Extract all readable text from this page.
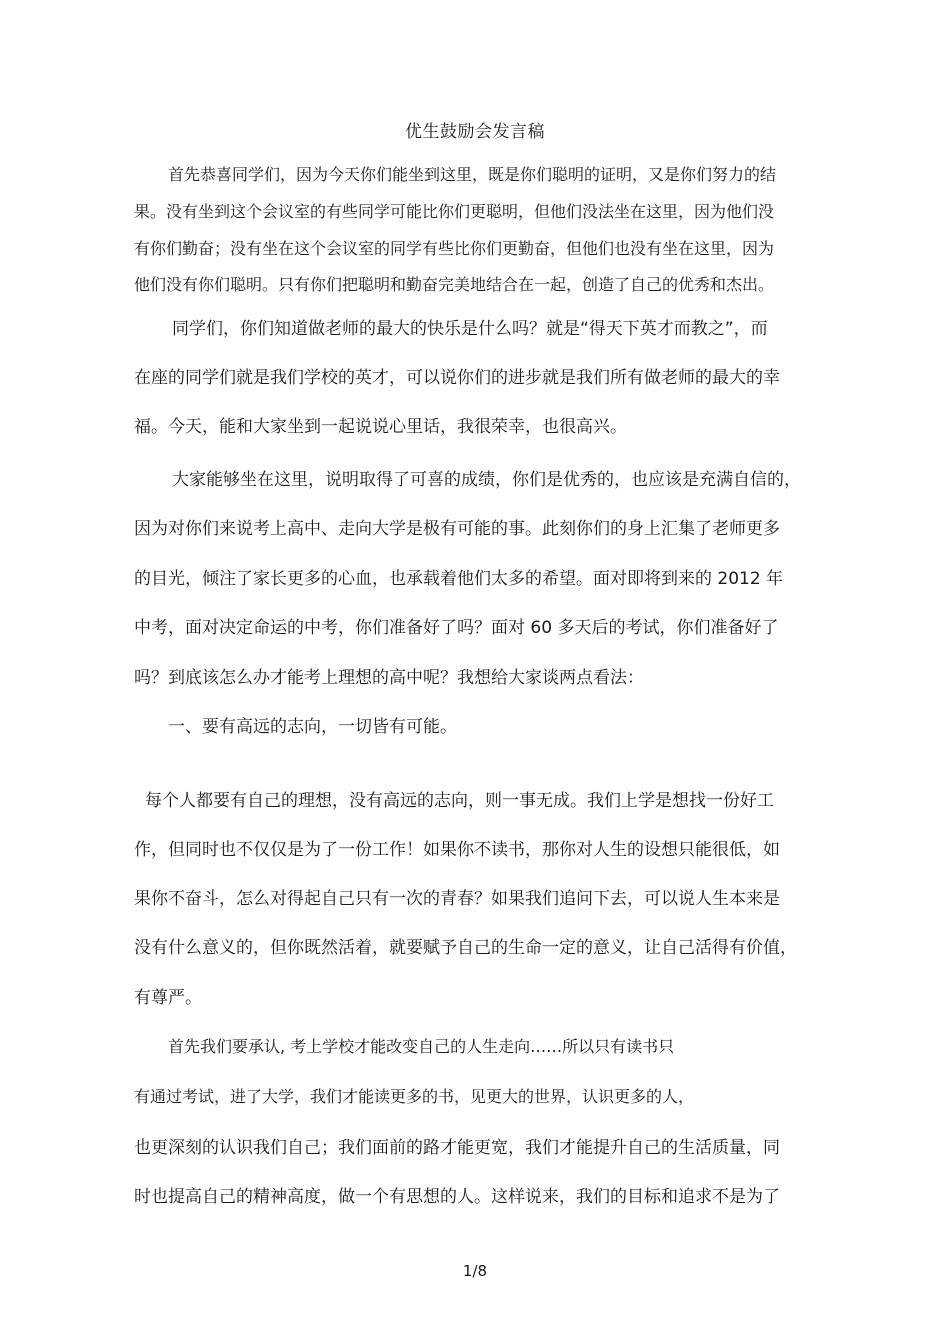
优生鼓励会发言稿
首先恭喜同学们，因为今天你们能坐到这里，既是你们聪明的证明，又是你们努力的结
果。没有坐到这个会议室的有些同学可能比你们更聪明，但他们没法坐在这里，因为他们没
有你们勤奋；没有坐在这个会议室的同学有些比你们更勤奋，但他们也没有坐在这里，因为
他们没有你们聪明。只有你们把聪明和勤奋完美地结合在一起，创造了自己的优秀和杰出。
同学们，你们知道做老师的最大的快乐是什么吗？就是“得天下英才而教之”，而
在座的同学们就是我们学校的英才，可以说你们的进步就是我们所有做老师的最大的幸
福。今天，能和大家坐到一起说说心里话，我很荣幸，也很高兴。
大家能够坐在这里，说明取得了可喜的成绩，你们是优秀的，也应该是充满自信的，
因为对你们来说考上高中、走向大学是极有可能的事。此刻你们的身上汇集了老师更多
的目光，倾注了家长更多的心血，也承载着他们太多的希望。面对即将到来的 2012 年
中考，面对决定命运的中考，你们准备好了吗？面对 60 多天后的考试，你们准备好了
吗？到底该怎么办才能考上理想的高中呢？我想给大家谈两点看法：
一、要有高远的志向，一切皆有可能。
每个人都要有自己的理想，没有高远的志向，则一事无成。我们上学是想找一份好工
作，但同时也不仅仅是为了一份工作！如果你不读书，那你对人生的设想只能很低，如
果你不奋斗，怎么对得起自己只有一次的青春？如果我们追问下去，可以说人生本来是
没有什么意义的，但你既然活着，就要赋予自己的生命一定的意义，让自己活得有价值，
有尊严。
首先我们要承认, 考上学校才能改变自己的人生走向……所以只有读书只
有通过考试，进了大学，我们才能读更多的书，见更大的世界，认识更多的人，
也更深刻的认识我们自己；我们面前的路才能更宽，我们才能提升自己的生活质量，同
时也提高自己的精神高度，做一个有思想的人。这样说来，我们的目标和追求不是为了
1/8
